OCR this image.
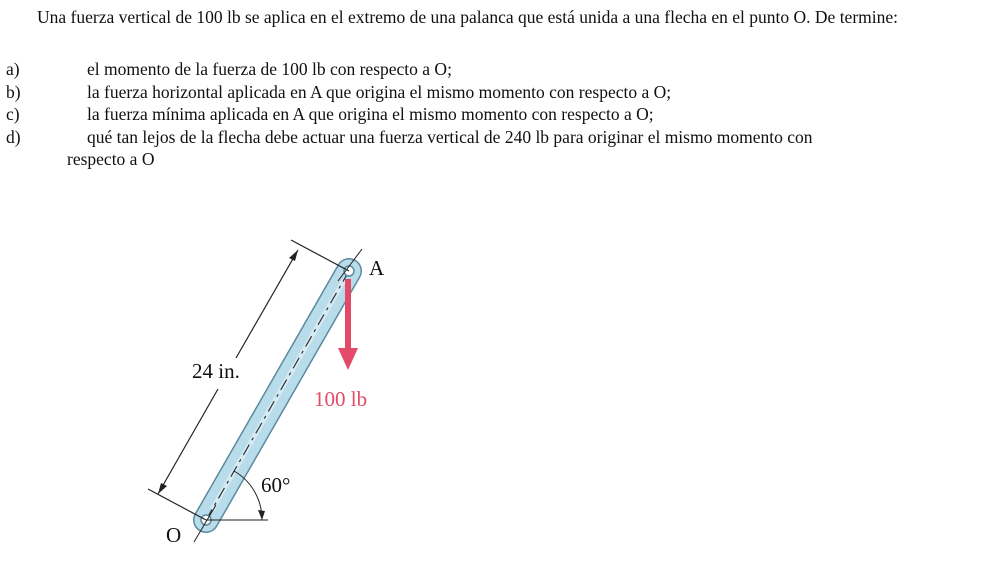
Una fuerza vertical de 100 lb se aplica en el extremo de una palanca que está unida a una flecha en el punto O. De termine:
a)	el momento de la fuerza de 100 lb con respecto a O;
b)	la fuerza horizontal aplicada en A que origina el mismo momento con respecto a O;
c)	la fuerza mínima aplicada en A que origina el mismo momento con respecto a O;
d)	qué tan lejos de la flecha debe actuar una fuerza vertical de 240 lb para originar el mismo momento con
respecto a O
A
O
24 in.
100 lb
60°
